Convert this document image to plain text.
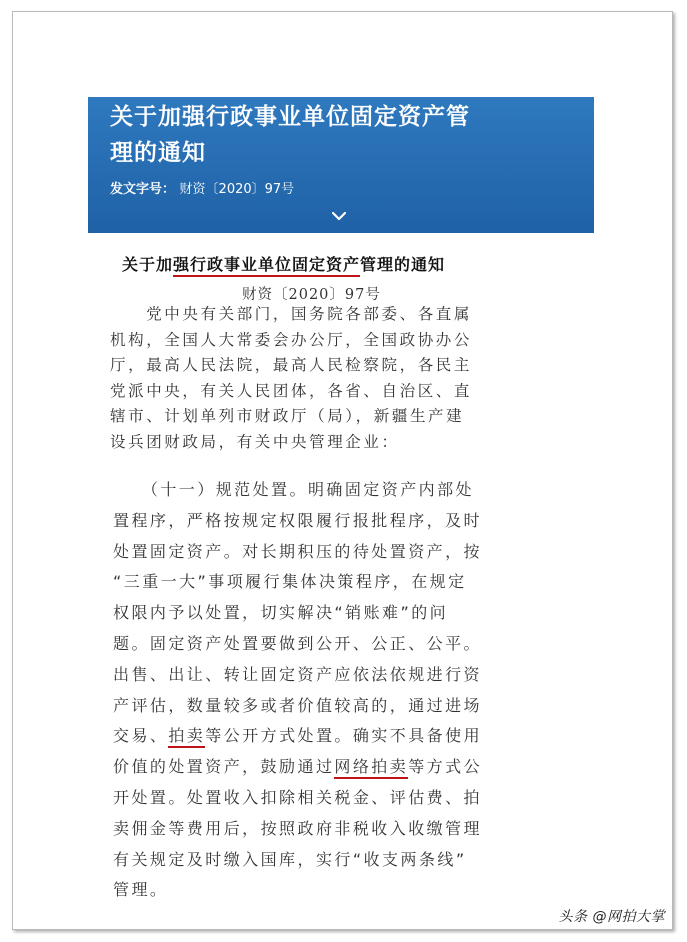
关于加强行政事业单位固定资产管
理的通知
发文字号： 财资〔2020〕97号
关于加强行政事业单位固定资产管理的通知
财资〔2020〕97号
　　党中央有关部门，国务院各部委、各直属
机构，全国人大常委会办公厅，全国政协办公
厅，最高人民法院，最高人民检察院，各民主
党派中央，有关人民团体，各省、自治区、直
辖市、计划单列市财政厅（局），新疆生产建
设兵团财政局，有关中央管理企业：
　　（十一）规范处置。明确固定资产内部处
置程序，严格按规定权限履行报批程序，及时
处置固定资产。对长期积压的待处置资产，按
“三重一大”事项履行集体决策程序，在规定
权限内予以处置，切实解决“销账难”的问
题。固定资产处置要做到公开、公正、公平。
出售、出让、转让固定资产应依法依规进行资
产评估，数量较多或者价值较高的，通过进场
交易、拍卖等公开方式处置。确实不具备使用
价值的处置资产，鼓励通过网络拍卖等方式公
开处置。处置收入扣除相关税金、评估费、拍
卖佣金等费用后，按照政府非税收入收缴管理
有关规定及时缴入国库，实行“收支两条线”
管理。
头条 @网拍大掌
